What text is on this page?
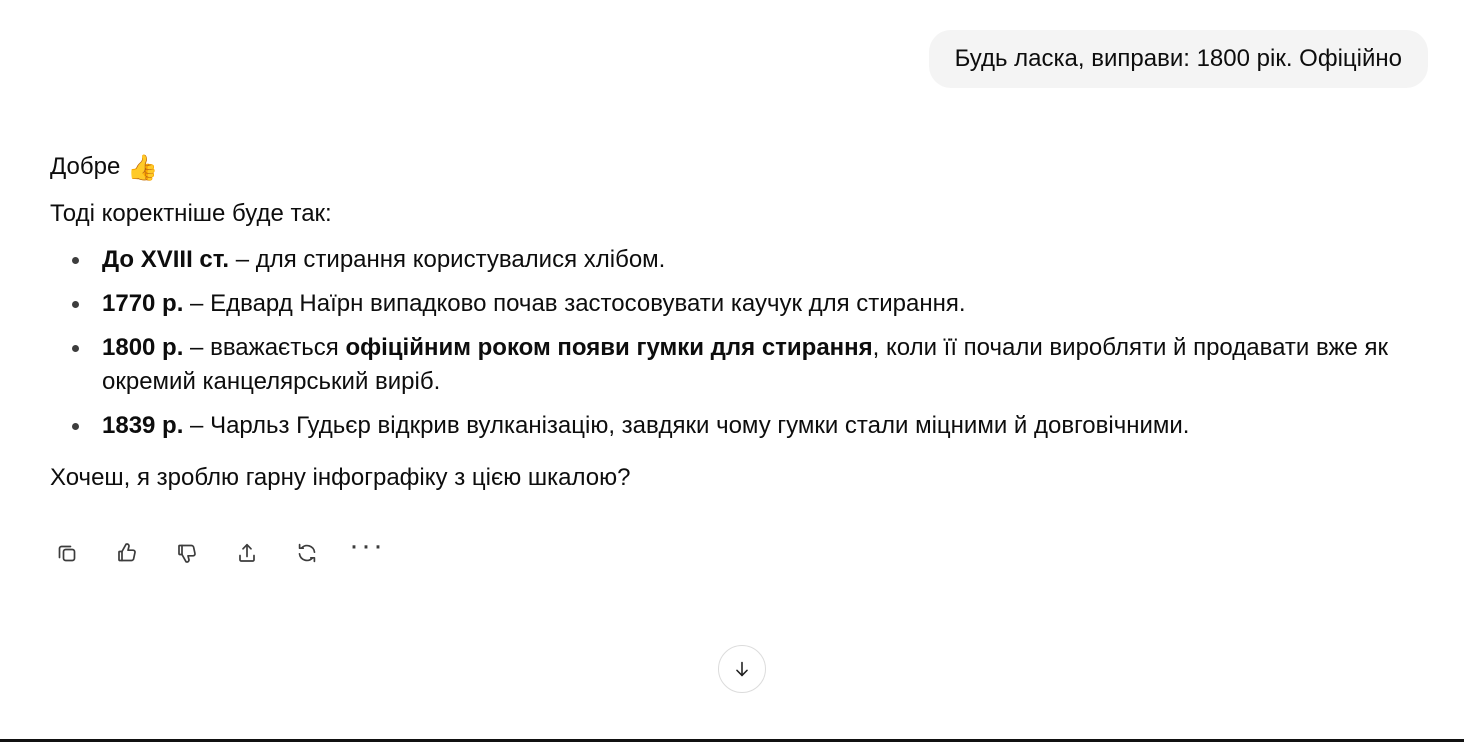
Будь ласка, виправи: 1800 рік. Офіційно

Добре 👍

Тоді коректніше буде так:

До XVIII ст. – для стирання користувалися хлібом.
1770 р. – Едвард Наїрн випадково почав застосовувати каучук для стирання.
1800 р. – вважається офіційним роком появи гумки для стирання, коли її почали виробляти й продавати вже як окремий канцелярський виріб.
1839 р. – Чарльз Гудьєр відкрив вулканізацію, завдяки чому гумки стали міцними й довговічними.

Хочеш, я зроблю гарну інфографіку з цією шкалою?

···
